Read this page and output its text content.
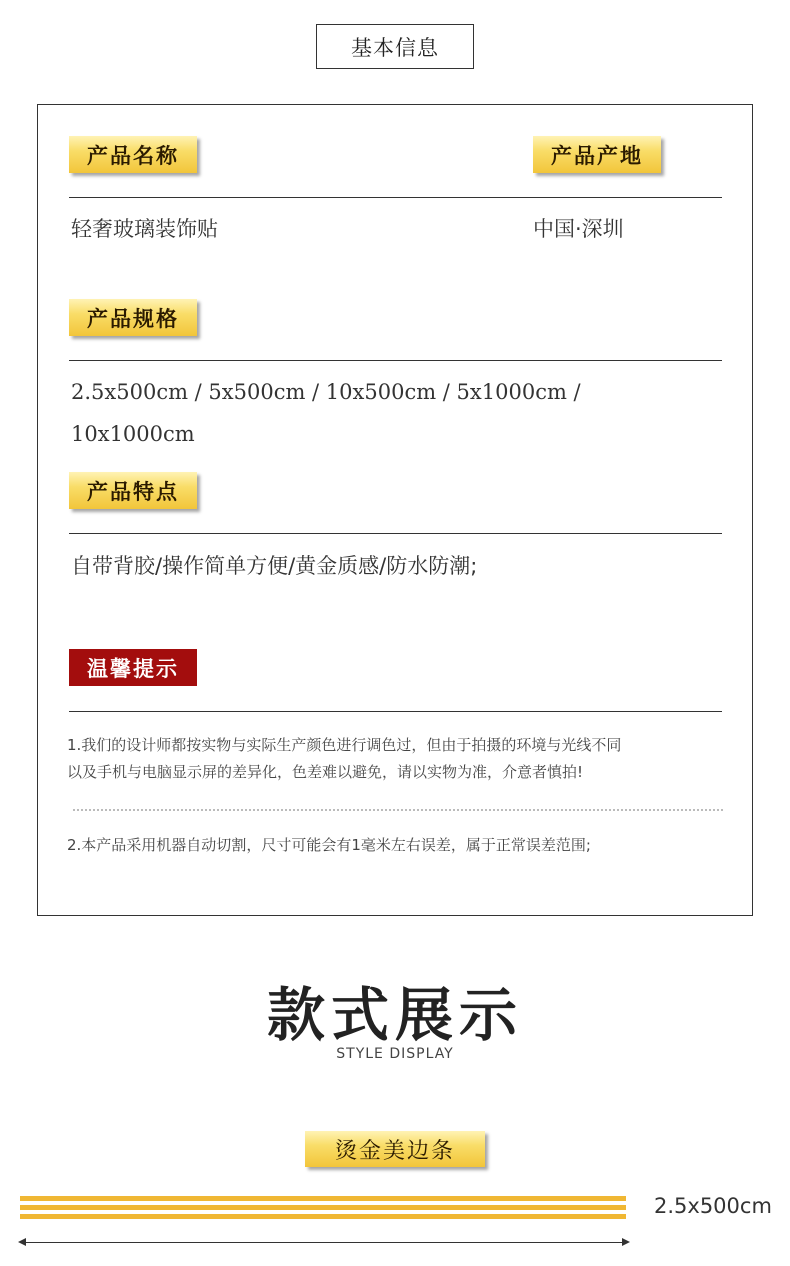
基本信息
产品名称	产品产地
轻奢玻璃装饰贴	中国·深圳
产品规格
2.5x500cm / 5x500cm / 10x500cm / 5x1000cm /
10x1000cm
产品特点
自带背胶/操作简单方便/黄金质感/防水防潮;
温馨提示
1.我们的设计师都按实物与实际生产颜色进行调色过，但由于拍摄的环境与光线不同
以及手机与电脑显示屏的差异化，色差难以避免，请以实物为准，介意者慎拍!
2.本产品采用机器自动切割，尺寸可能会有1毫米左右误差，属于正常误差范围;
款式展示
STYLE DISPLAY
烫金美边条
2.5x500cm
